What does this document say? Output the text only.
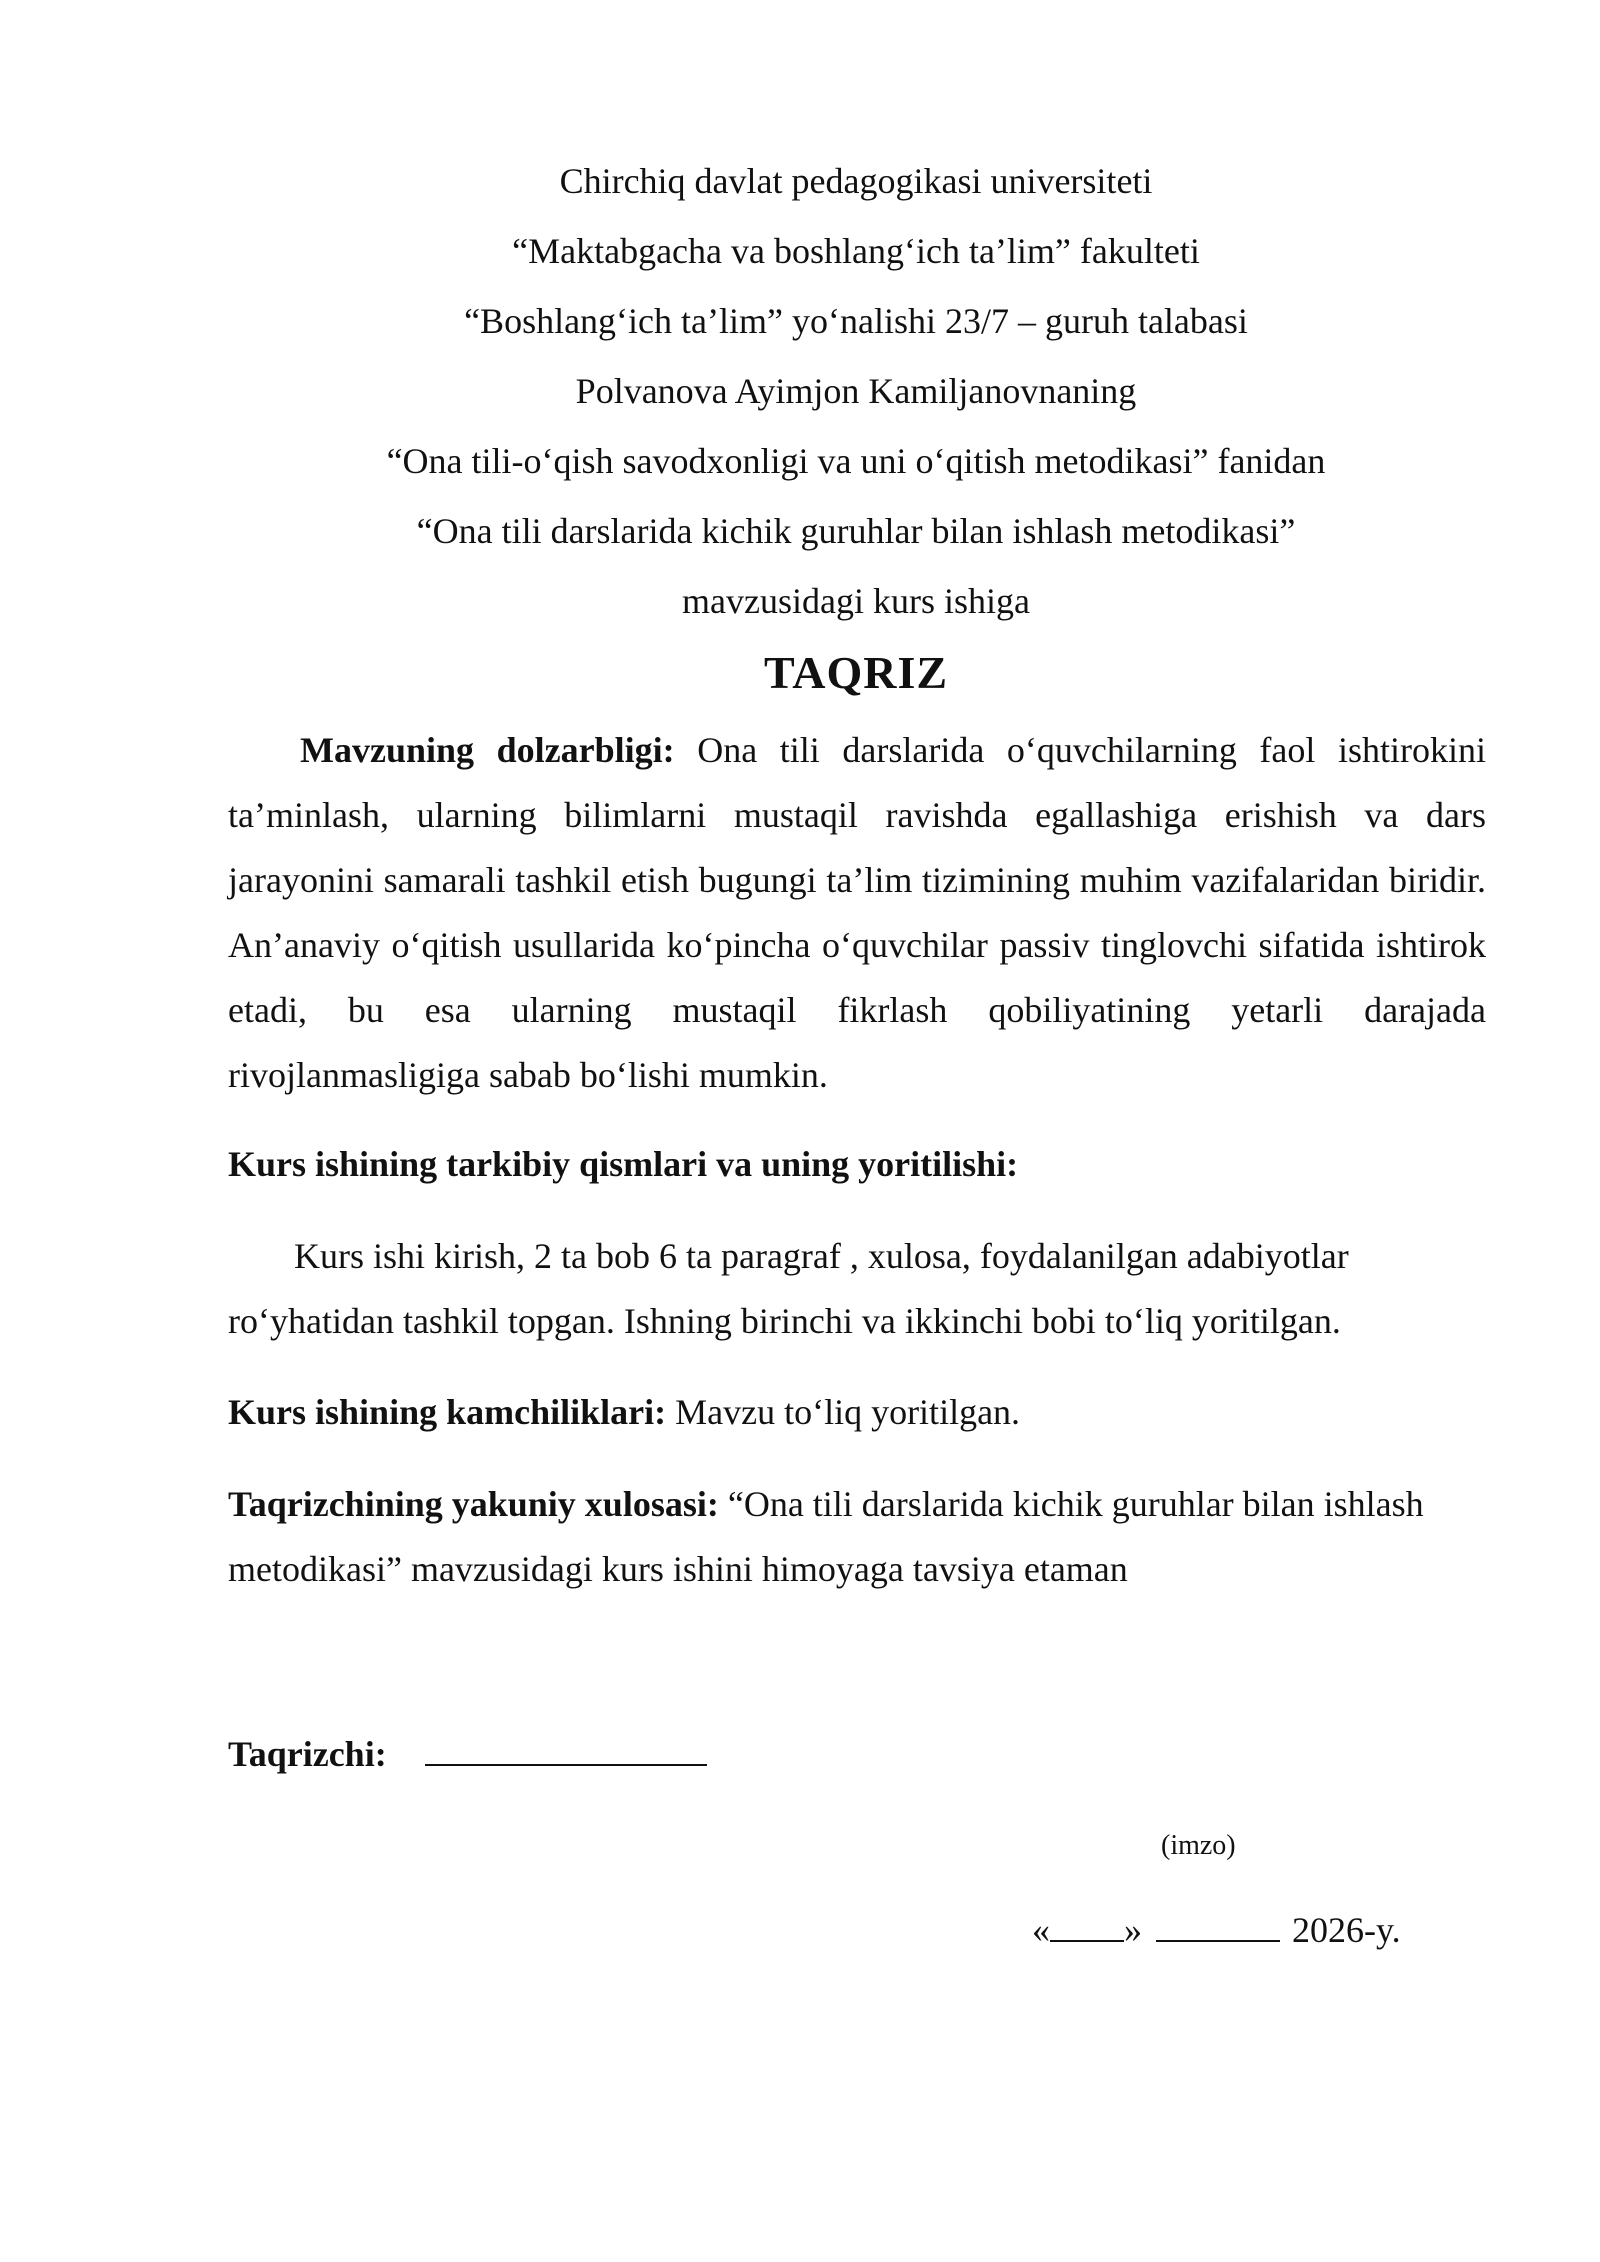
Chirchiq davlat pedagogikasi universiteti

“Maktabgacha va boshlang‘ich ta’lim” fakulteti

“Boshlang‘ich ta’lim” yo‘nalishi 23/7 – guruh talabasi

Polvanova Ayimjon Kamiljanovnaning

“Ona tili-o‘qish savodxonligi va uni o‘qitish metodikasi” fanidan

“Ona tili darslarida kichik guruhlar bilan ishlash metodikasi”

mavzusidagi kurs ishiga

TAQRIZ

Mavzuning dolzarbligi: Ona tili darslarida o‘quvchilarning faol ishtirokini ta’minlash, ularning bilimlarni mustaqil ravishda egallashiga erishish va dars jarayonini samarali tashkil etish bugungi ta’lim tizimining muhim vazifalaridan biridir. An’anaviy o‘qitish usullarida ko‘pincha o‘quvchilar passiv tinglovchi sifatida ishtirok etadi, bu esa ularning mustaqil fikrlash qobiliyatining yetarli darajada rivojlanmasligiga sabab bo‘lishi mumkin.

Kurs ishining tarkibiy qismlari va uning yoritilishi:

Kurs ishi kirish, 2 ta bob 6 ta paragraf , xulosa, foydalanilgan adabiyotlar ro‘yhatidan tashkil topgan. Ishning birinchi va ikkinchi bobi to‘liq yoritilgan.

Kurs ishining kamchiliklari: Mavzu to‘liq yoritilgan.

Taqrizchining yakuniy xulosasi: “Ona tili darslarida kichik guruhlar bilan ishlash metodikasi” mavzusidagi kurs ishini himoyaga tavsiya etaman

Taqrizchi:
(imzo)
« »	2026-y.
